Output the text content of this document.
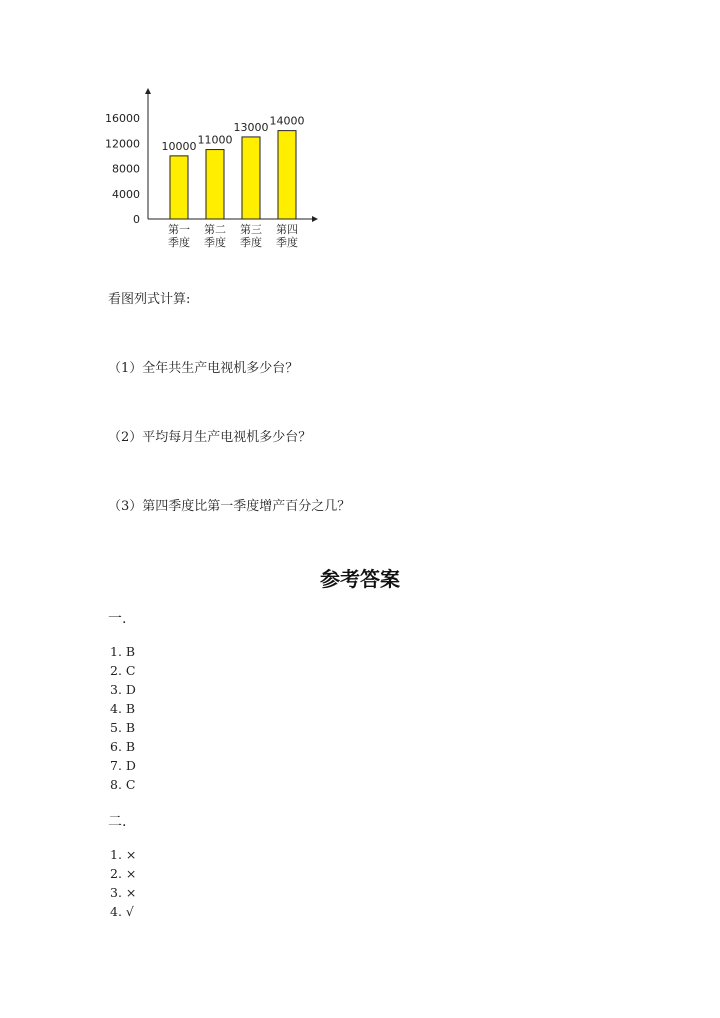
0
4000
8000
12000
16000
10000
第一
季度
11000
第二
季度
13000
第三
季度
14000
第四
季度
看图列式计算:
（1）全年共生产电视机多少台？
（2）平均每月生产电视机多少台？
（3）第四季度比第一季度增产百分之几？
参考答案
一.
1. B
2. C
3. D
4. B
5. B
6. B
7. D
8. C
二.
1. ×
2. ×
3. ×
4. √
